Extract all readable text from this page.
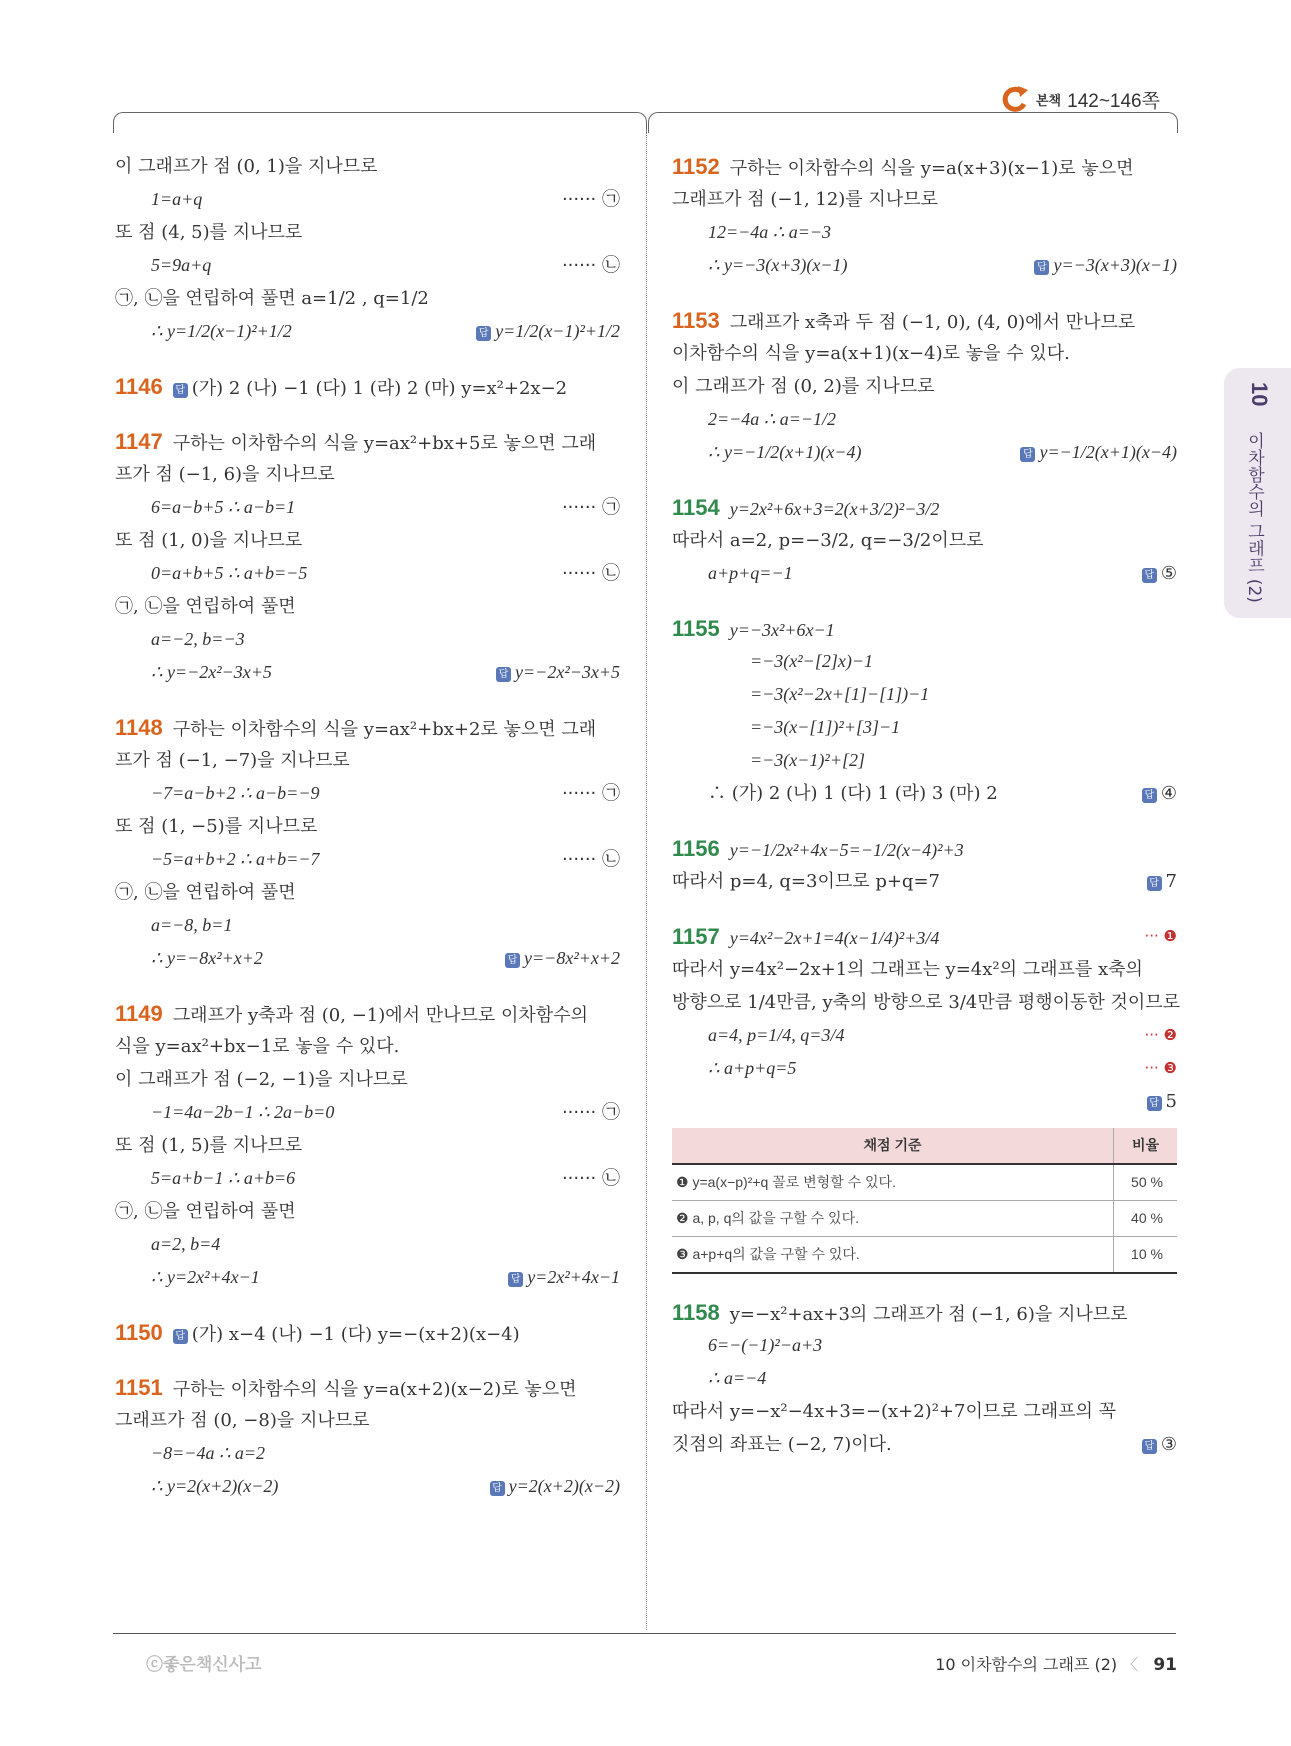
본책 142~146쪽
이 그래프가 점 (0, 1)을 지나므로
1=a+q	······ ㉠
또 점 (4, 5)를 지나므로
5=9a+q	······ ㉡
㉠, ㉡을 연립하여 풀면 a=1/2 , q=1/2
∴ y=1/2(x−1)²+1/2	답 y=1/2(x−1)²+1/2
1146 답 (가) 2 (나) −1 (다) 1 (라) 2 (마) y=x²+2x−2
1147 구하는 이차함수의 식을 y=ax²+bx+5로 놓으면 그래
프가 점 (−1, 6)을 지나므로
6=a−b+5 ∴ a−b=1	······ ㉠
또 점 (1, 0)을 지나므로
0=a+b+5 ∴ a+b=−5	······ ㉡
㉠, ㉡을 연립하여 풀면
a=−2, b=−3
∴ y=−2x²−3x+5	답 y=−2x²−3x+5
1148 구하는 이차함수의 식을 y=ax²+bx+2로 놓으면 그래
프가 점 (−1, −7)을 지나므로
−7=a−b+2 ∴ a−b=−9	······ ㉠
또 점 (1, −5)를 지나므로
−5=a+b+2 ∴ a+b=−7	······ ㉡
㉠, ㉡을 연립하여 풀면
a=−8, b=1
∴ y=−8x²+x+2	답 y=−8x²+x+2
1149 그래프가 y축과 점 (0, −1)에서 만나므로 이차함수의
식을 y=ax²+bx−1로 놓을 수 있다.
이 그래프가 점 (−2, −1)을 지나므로
−1=4a−2b−1 ∴ 2a−b=0	······ ㉠
또 점 (1, 5)를 지나므로
5=a+b−1 ∴ a+b=6	······ ㉡
㉠, ㉡을 연립하여 풀면
a=2, b=4
∴ y=2x²+4x−1	답 y=2x²+4x−1
1150 답 (가) x−4 (나) −1 (다) y=−(x+2)(x−4)
1151 구하는 이차함수의 식을 y=a(x+2)(x−2)로 놓으면
그래프가 점 (0, −8)을 지나므로
−8=−4a ∴ a=2
∴ y=2(x+2)(x−2)	답 y=2(x+2)(x−2)
1152 구하는 이차함수의 식을 y=a(x+3)(x−1)로 놓으면
그래프가 점 (−1, 12)를 지나므로
12=−4a ∴ a=−3
∴ y=−3(x+3)(x−1)	답 y=−3(x+3)(x−1)
1153 그래프가 x축과 두 점 (−1, 0), (4, 0)에서 만나므로
이차함수의 식을 y=a(x+1)(x−4)로 놓을 수 있다.
이 그래프가 점 (0, 2)를 지나므로
2=−4a ∴ a=−1/2
∴ y=−1/2(x+1)(x−4)	답 y=−1/2(x+1)(x−4)
1154 y=2x²+6x+3=2(x+3/2)²−3/2
따라서 a=2, p=−3/2, q=−3/2이므로
a+p+q=−1	답 ⑤
1155 y=−3x²+6x−1
=−3(x²−[2]x)−1
=−3(x²−2x+[1]−[1])−1
=−3(x−[1])²+[3]−1
=−3(x−1)²+[2]
∴ (가) 2 (나) 1 (다) 1 (라) 3 (마) 2	답 ④
1156 y=−1/2x²+4x−5=−1/2(x−4)²+3
따라서 p=4, q=3이므로 p+q=7	답 7
1157 y=4x²−2x+1=4(x−1/4)²+3/4	··· ❶
따라서 y=4x²−2x+1의 그래프는 y=4x²의 그래프를 x축의
방향으로 1/4만큼, y축의 방향으로 3/4만큼 평행이동한 것이므로
a=4, p=1/4, q=3/4	··· ❷
∴ a+p+q=5	··· ❸
답 5
채점 기준	비율
❶ y=a(x−p)²+q 꼴로 변형할 수 있다.	50 %
❷ a, p, q의 값을 구할 수 있다.	40 %
❸ a+p+q의 값을 구할 수 있다.	10 %
1158 y=−x²+ax+3의 그래프가 점 (−1, 6)을 지나므로
6=−(−1)²−a+3
∴ a=−4
따라서 y=−x²−4x+3=−(x+2)²+7이므로 그래프의 꼭
짓점의 좌표는 (−2, 7)이다.	답 ③
10
이차함수의 그래프 (2)
ⓒ좋은책신사고	10 이차함수의 그래프 (2) 〈 91
